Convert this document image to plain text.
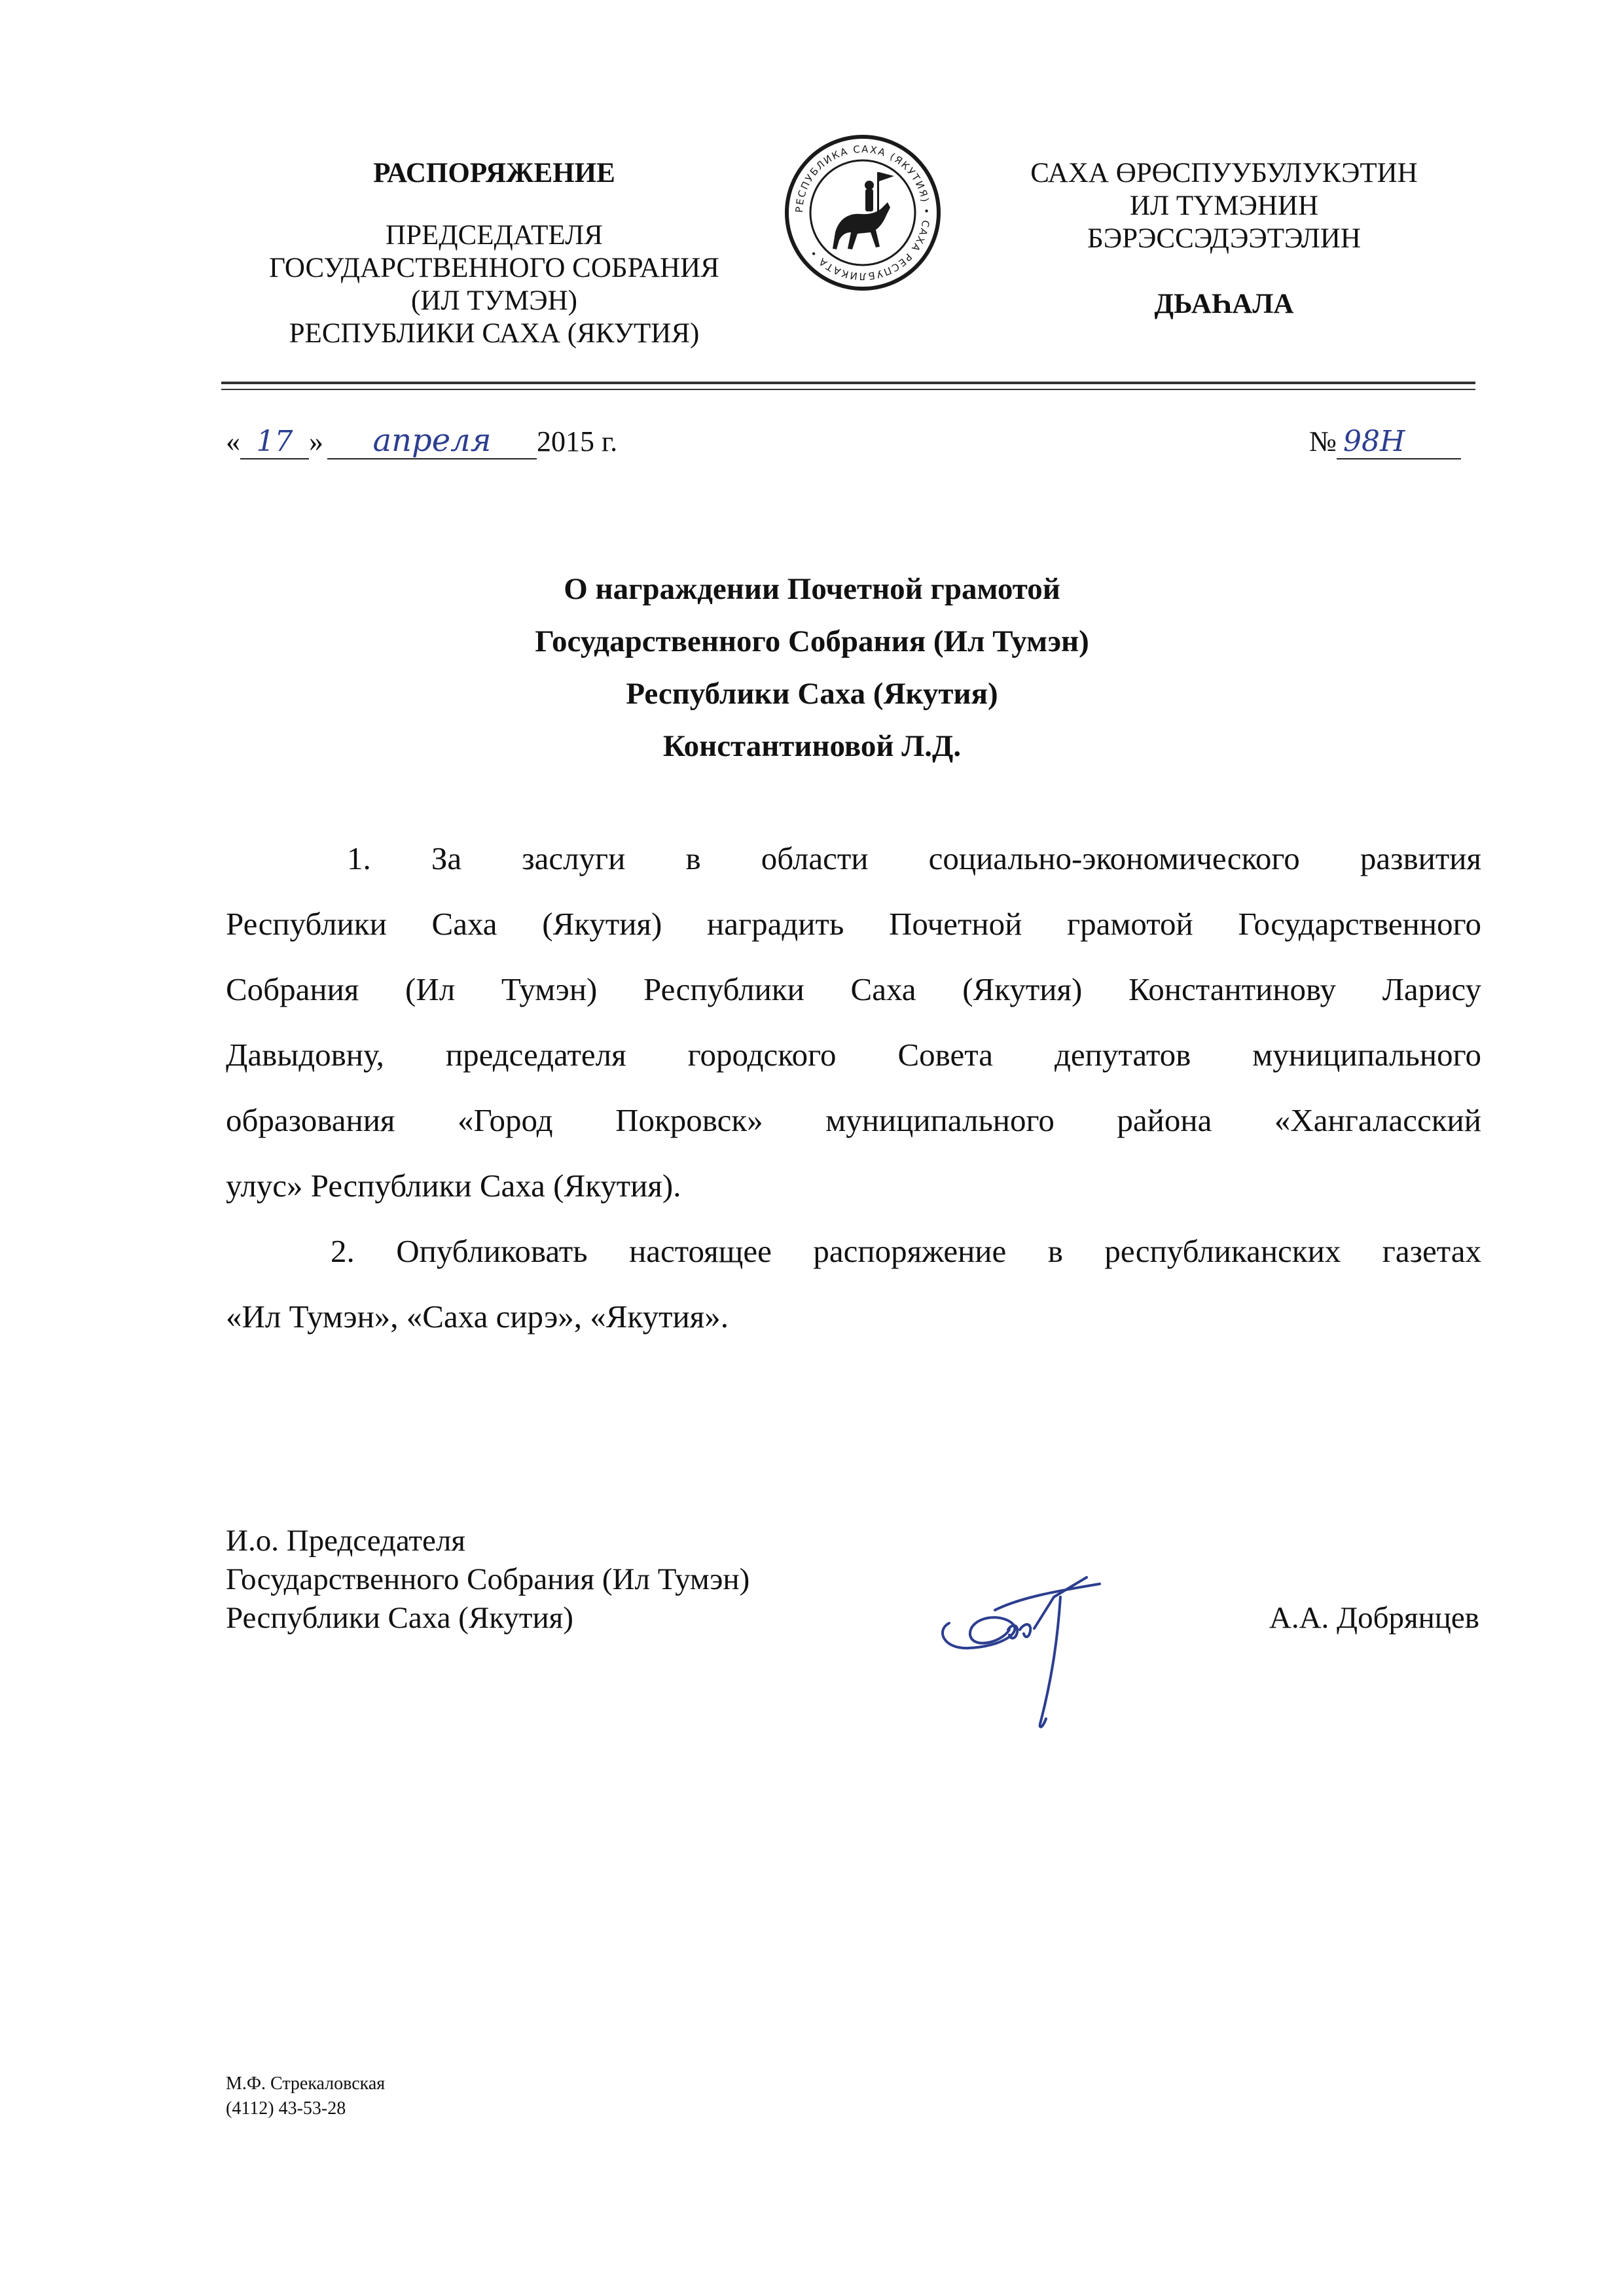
РАСПОРЯЖЕНИЕ
ПРЕДСЕДАТЕЛЯ
ГОСУДАРСТВЕННОГО СОБРАНИЯ
(ИЛ ТУМЭН)
РЕСПУБЛИКИ САХА (ЯКУТИЯ)
РЕСПУБЛИКА САХА (ЯКУТИЯ) • САХА РЕСПУБЛИКАТА •
САХА ӨРӨСПУУБУЛУКЭТИН
ИЛ ТҮМЭНИН
БЭРЭССЭДЭЭТЭЛИН
ДЬАҺАЛА
« 17 » апреля 2015 г.	№ 98Н
О награждении Почетной грамотой
Государственного Собрания (Ил Тумэн)
Республики Саха (Якутия)
Константиновой Л.Д.
1. За заслуги в области социально-экономического развития
Республики Саха (Якутия) наградить Почетной грамотой Государственного
Собрания (Ил Тумэн) Республики Саха (Якутия) Константинову Ларису
Давыдовну, председателя городского Совета депутатов муниципального
образования «Город Покровск» муниципального района «Хангаласский
улус» Республики Саха (Якутия).
2. Опубликовать настоящее распоряжение в республиканских газетах
«Ил Тумэн», «Саха сирэ», «Якутия».
И.о. Председателя
Государственного Собрания (Ил Тумэн)
Республики Саха (Якутия)	А.А. Добрянцев
М.Ф. Стрекаловская
(4112) 43-53-28
